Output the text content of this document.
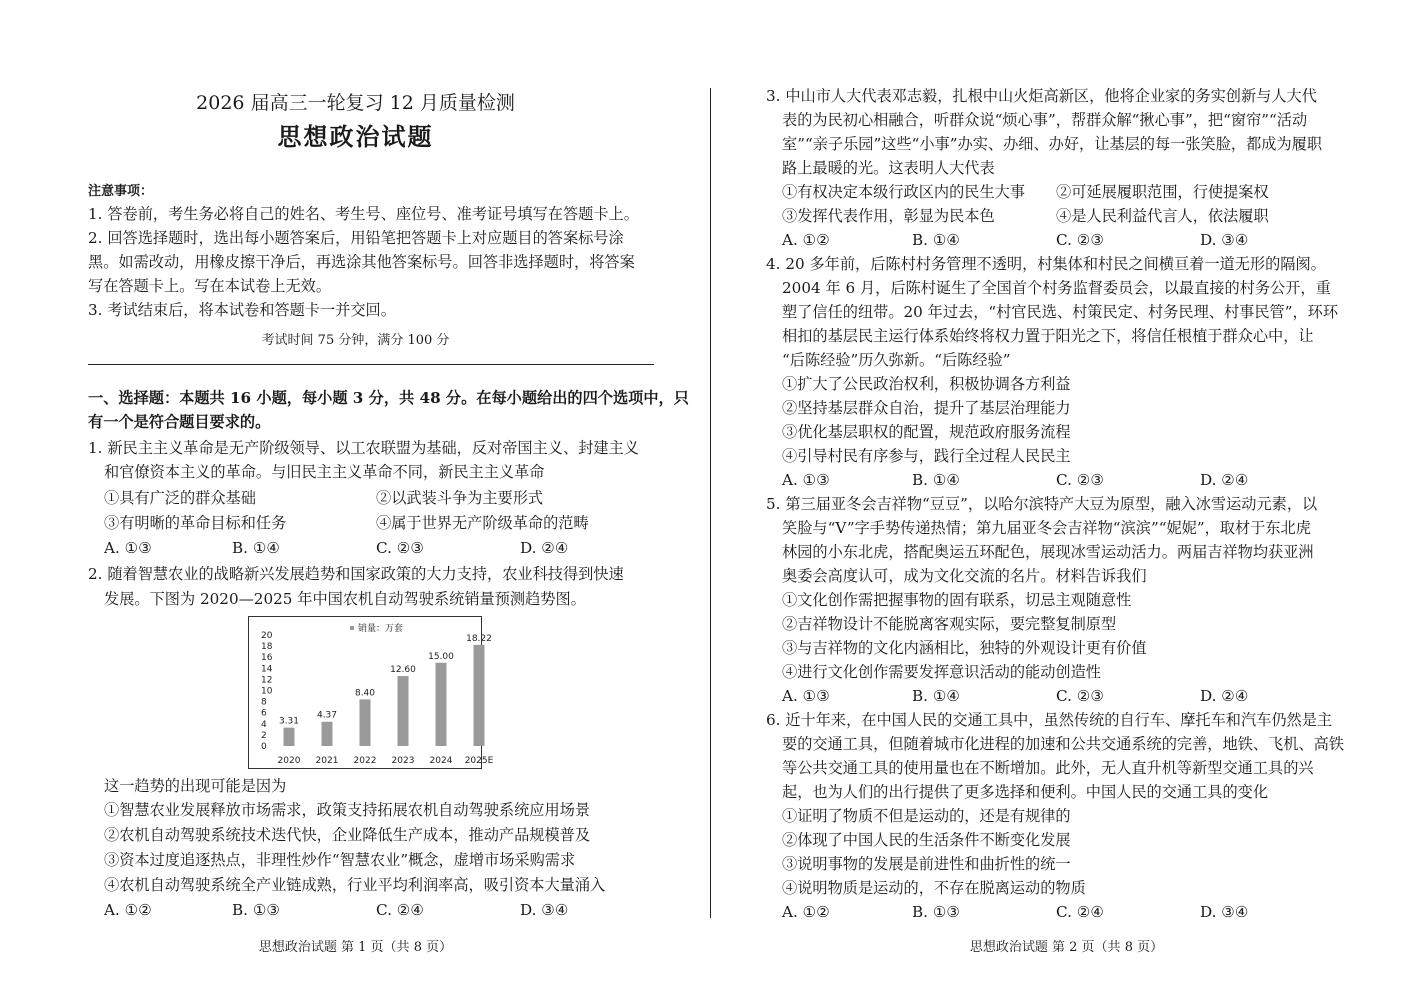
2026 届高三一轮复习 12 月质量检测
思想政治试题
注意事项：
1. 答卷前，考生务必将自己的姓名、考生号、座位号、准考证号填写在答题卡上。
2. 回答选择题时，选出每小题答案后，用铅笔把答题卡上对应题目的答案标号涂
黑。如需改动，用橡皮擦干净后，再选涂其他答案标号。回答非选择题时，将答案
写在答题卡上。写在本试卷上无效。
3. 考试结束后，将本试卷和答题卡一并交回。
考试时间 75 分钟，满分 100 分
一、选择题：本题共 16 小题，每小题 3 分，共 48 分。在每小题给出的四个选项中，只
有一个是符合题目要求的。
1. 新民主主义革命是无产阶级领导、以工农联盟为基础，反对帝国主义、封建主义
和官僚资本主义的革命。与旧民主主义革命不同，新民主主义革命
①具有广泛的群众基础	②以武装斗争为主要形式
③有明晰的革命目标和任务	④属于世界无产阶级革命的范畴
A. ①③	B. ①④	C. ②③	D. ②④
2. 随着智慧农业的战略新兴发展趋势和国家政策的大力支持，农业科技得到快速
发展。下图为 2020—2025 年中国农机自动驾驶系统销量预测趋势图。
销量：万套
20
18
16
14
12
10
8
6
4
2
0
3.31
2020
4.37
2021
8.40
2022
12.60
2023
15.00
2024
18.22
2025E
这一趋势的出现可能是因为
①智慧农业发展释放市场需求，政策支持拓展农机自动驾驶系统应用场景
②农机自动驾驶系统技术迭代快，企业降低生产成本，推动产品规模普及
③资本过度追逐热点，非理性炒作“智慧农业”概念，虚增市场采购需求
④农机自动驾驶系统全产业链成熟，行业平均利润率高，吸引资本大量涌入
A. ①②	B. ①③	C. ②④	D. ③④
思想政治试题 第 1 页（共 8 页）
3. 中山市人大代表邓志毅，扎根中山火炬高新区，他将企业家的务实创新与人大代
表的为民初心相融合，听群众说“烦心事”，帮群众解“揪心事”，把“窗帘”“活动
室”“亲子乐园”这些“小事”办实、办细、办好，让基层的每一张笑脸，都成为履职
路上最暖的光。这表明人大代表
①有权决定本级行政区内的民生大事 ②可延展履职范围，行使提案权
③发挥代表作用，彰显为民本色	④是人民利益代言人，依法履职
A. ①②	B. ①④	C. ②③	D. ③④
4. 20 多年前，后陈村村务管理不透明，村集体和村民之间横亘着一道无形的隔阂。
2004 年 6 月，后陈村诞生了全国首个村务监督委员会，以最直接的村务公开，重
塑了信任的纽带。20 年过去，“村官民选、村策民定、村务民理、村事民管”，环环
相扣的基层民主运行体系始终将权力置于阳光之下，将信任根植于群众心中，让
“后陈经验”历久弥新。“后陈经验”
①扩大了公民政治权利，积极协调各方利益
②坚持基层群众自治，提升了基层治理能力
③优化基层职权的配置，规范政府服务流程
④引导村民有序参与，践行全过程人民民主
A. ①③	B. ①④	C. ②③	D. ②④
5. 第三届亚冬会吉祥物“豆豆”，以哈尔滨特产大豆为原型，融入冰雪运动元素，以
笑脸与“V”字手势传递热情；第九届亚冬会吉祥物“滨滨”“妮妮”，取材于东北虎
林园的小东北虎，搭配奥运五环配色，展现冰雪运动活力。两届吉祥物均获亚洲
奥委会高度认可，成为文化交流的名片。材料告诉我们
①文化创作需把握事物的固有联系，切忌主观随意性
②吉祥物设计不能脱离客观实际，要完整复制原型
③与吉祥物的文化内涵相比，独特的外观设计更有价值
④进行文化创作需要发挥意识活动的能动创造性
A. ①③	B. ①④	C. ②③	D. ②④
6. 近十年来，在中国人民的交通工具中，虽然传统的自行车、摩托车和汽车仍然是主
要的交通工具，但随着城市化进程的加速和公共交通系统的完善，地铁、飞机、高铁
等公共交通工具的使用量也在不断增加。此外，无人直升机等新型交通工具的兴
起，也为人们的出行提供了更多选择和便利。中国人民的交通工具的变化
①证明了物质不但是运动的，还是有规律的
②体现了中国人民的生活条件不断变化发展
③说明事物的发展是前进性和曲折性的统一
④说明物质是运动的，不存在脱离运动的物质
A. ①②	B. ①③	C. ②④	D. ③④
思想政治试题 第 2 页（共 8 页）
